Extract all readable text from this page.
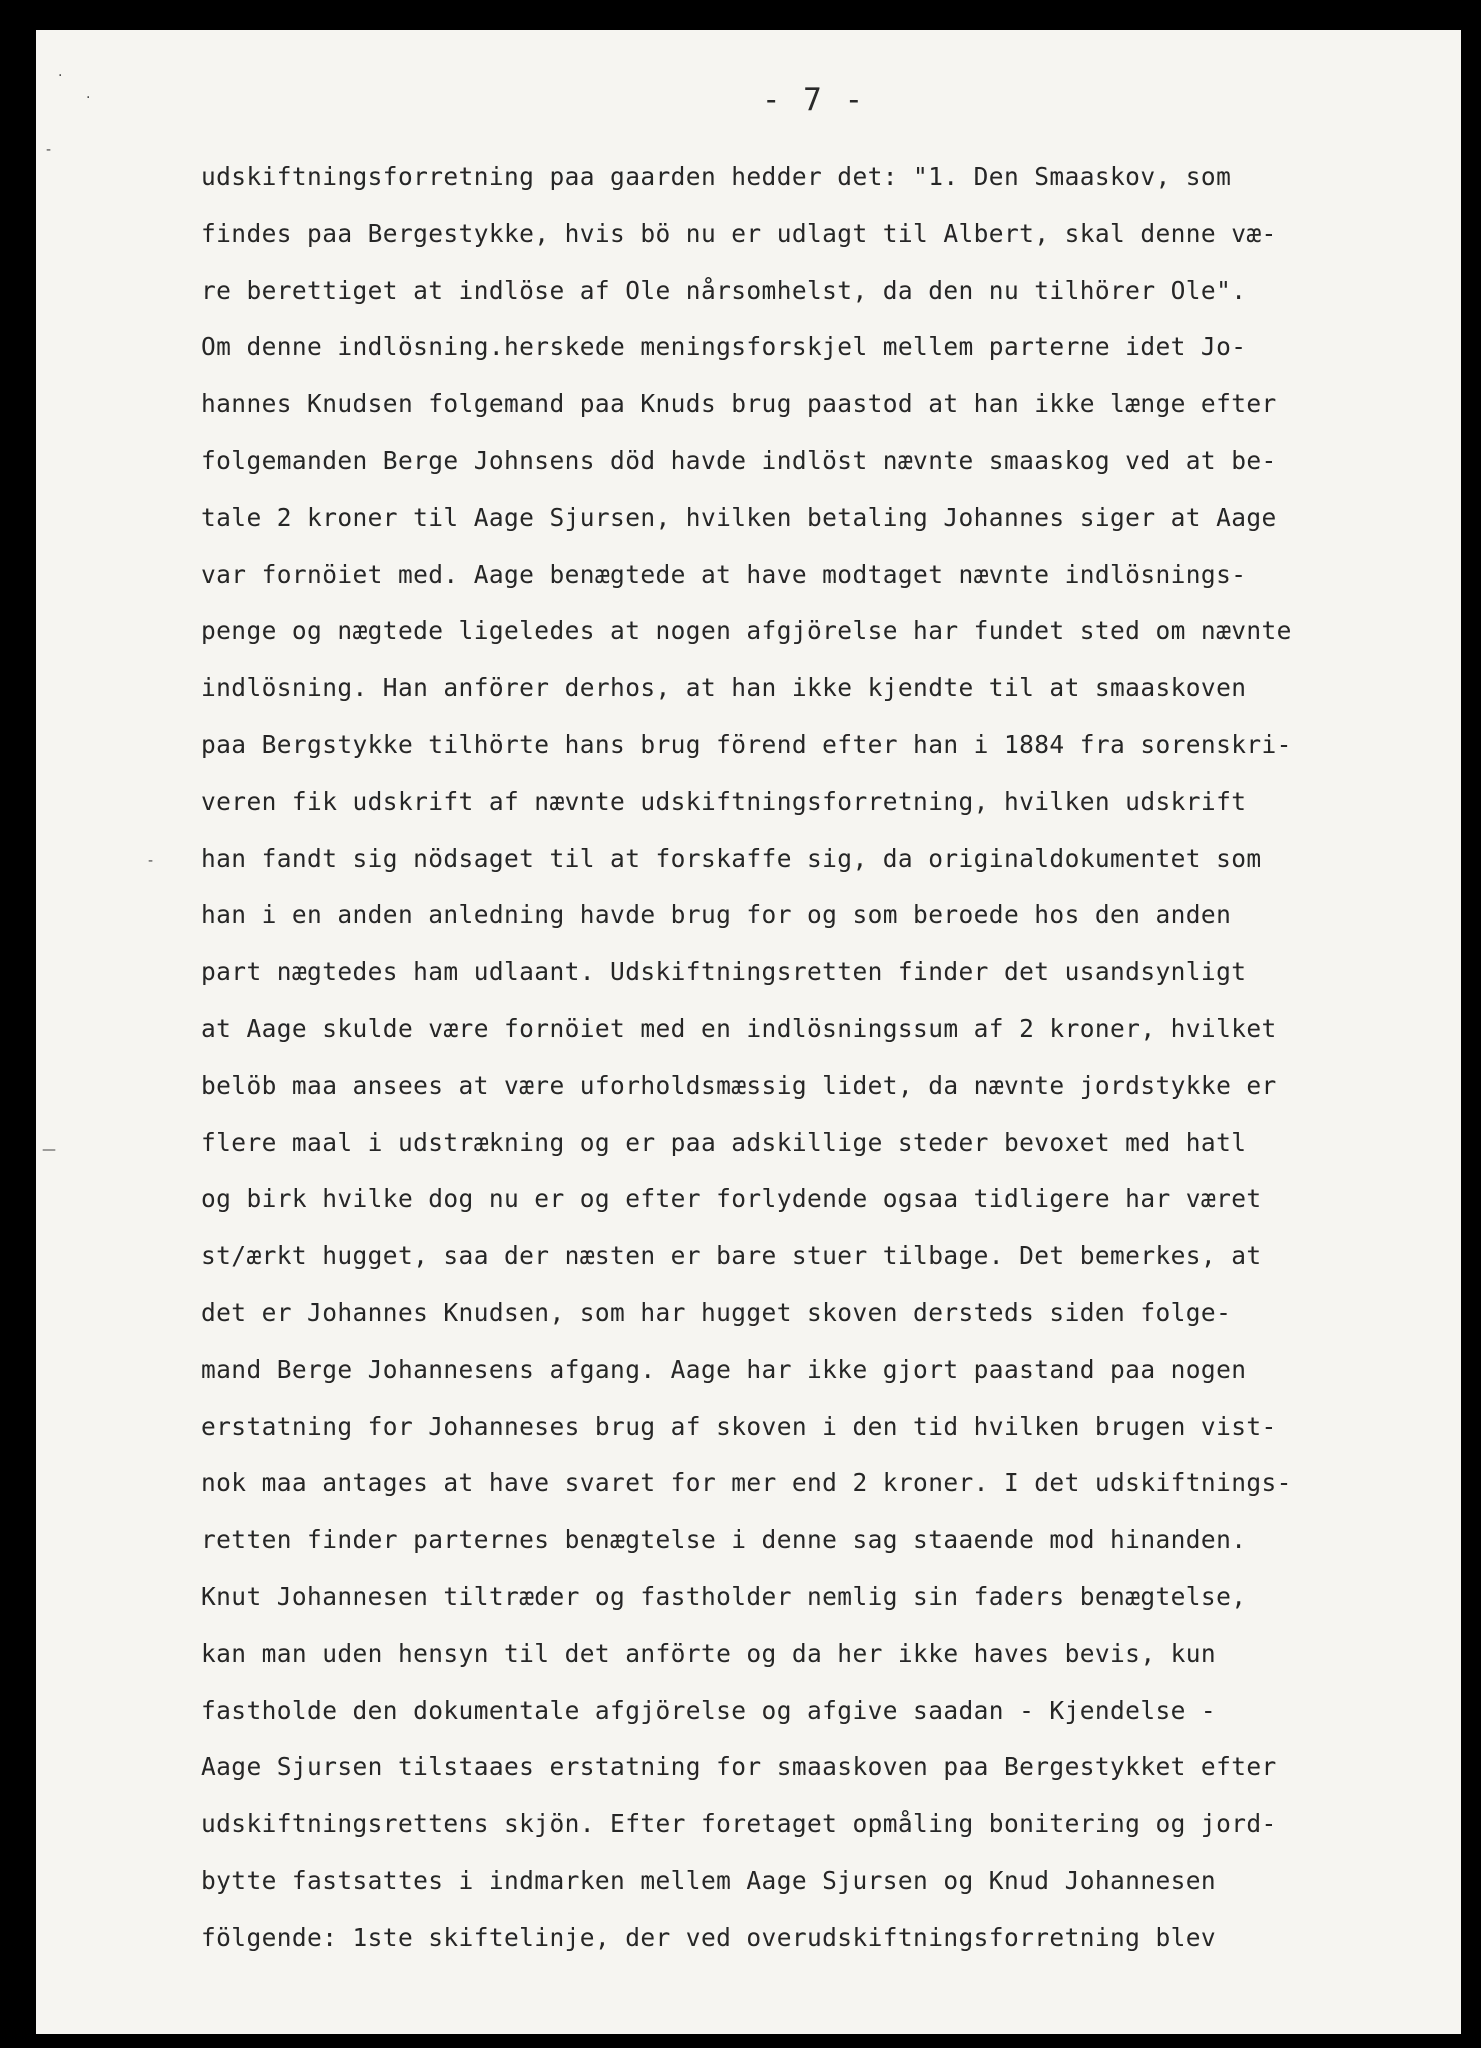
·
·
-
-
—
- 7 -
udskiftningsforretning paa gaarden hedder det: "1. Den Smaaskov, som
findes paa Bergestykke, hvis bö nu er udlagt til Albert, skal denne væ-
re berettiget at indlöse af Ole nårsomhelst, da den nu tilhörer Ole".
Om denne indlösning.herskede meningsforskjel mellem parterne idet Jo-
hannes Knudsen folgemand paa Knuds brug paastod at han ikke længe efter
folgemanden Berge Johnsens död havde indlöst nævnte smaaskog ved at be-
tale 2 kroner til Aage Sjursen, hvilken betaling Johannes siger at Aage
var fornöiet med. Aage benægtede at have modtaget nævnte indlösnings-
penge og nægtede ligeledes at nogen afgjörelse har fundet sted om nævnte
indlösning. Han anförer derhos, at han ikke kjendte til at smaaskoven
paa Bergstykke tilhörte hans brug förend efter han i 1884 fra sorenskri-
veren fik udskrift af nævnte udskiftningsforretning, hvilken udskrift
han fandt sig nödsaget til at forskaffe sig, da originaldokumentet som
han i en anden anledning havde brug for og som beroede hos den anden
part nægtedes ham udlaant. Udskiftningsretten finder det usandsynligt
at Aage skulde være fornöiet med en indlösningssum af 2 kroner, hvilket
belöb maa ansees at være uforholdsmæssig lidet, da nævnte jordstykke er
flere maal i udstrækning og er paa adskillige steder bevoxet med hatl
og birk hvilke dog nu er og efter forlydende ogsaa tidligere har været
st/ærkt hugget, saa der næsten er bare stuer tilbage. Det bemerkes, at
det er Johannes Knudsen, som har hugget skoven dersteds siden folge-
mand Berge Johannesens afgang. Aage har ikke gjort paastand paa nogen
erstatning for Johanneses brug af skoven i den tid hvilken brugen vist-
nok maa antages at have svaret for mer end 2 kroner. I det udskiftnings-
retten finder parternes benægtelse i denne sag staaende mod hinanden.
Knut Johannesen tiltræder og fastholder nemlig sin faders benægtelse,
kan man uden hensyn til det anförte og da her ikke haves bevis, kun
fastholde den dokumentale afgjörelse og afgive saadan - Kjendelse -
Aage Sjursen tilstaaes erstatning for smaaskoven paa Bergestykket efter
udskiftningsrettens skjön. Efter foretaget opmåling bonitering og jord-
bytte fastsattes i indmarken mellem Aage Sjursen og Knud Johannesen
fölgende: 1ste skiftelinje, der ved overudskiftningsforretning blev
